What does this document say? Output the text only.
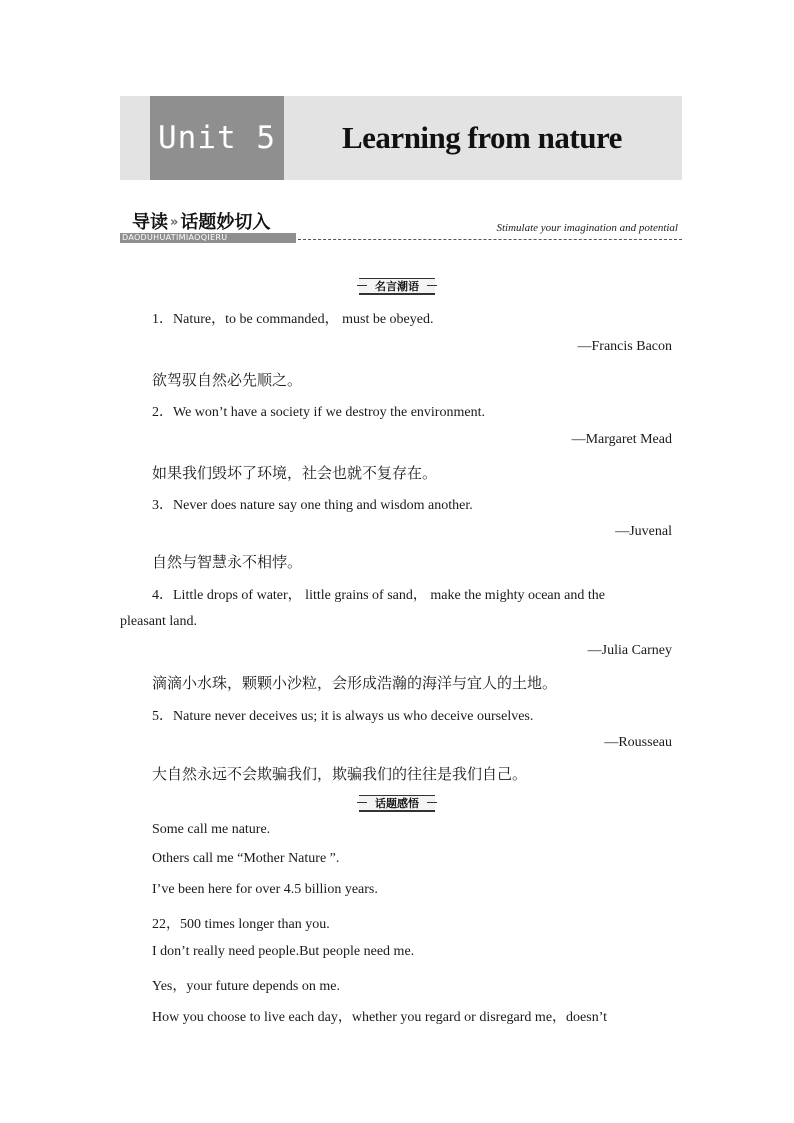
Unit 5 Learning from nature
导读 » 话题妙切入
DAODUHUATIMIAOQIERU
Stimulate your imagination and potential
名言潮语
1．Nature，to be commanded， must be obeyed.
—Francis Bacon
欲驾驭自然必先顺之。
2．We won’t have a society if we destroy the environment.
—Margaret Mead
如果我们毁坏了环境，社会也就不复存在。
3．Never does nature say one thing and wisdom another.
—Juvenal
自然与智慧永不相悖。
4．Little drops of water， little grains of sand， make the mighty ocean and the
pleasant land.
—Julia Carney
滴滴小水珠，颗颗小沙粒，会形成浩瀚的海洋与宜人的土地。
5．Nature never deceives us; it is always us who deceive ourselves.
—Rousseau
大自然永远不会欺骗我们，欺骗我们的往往是我们自己。
话题感悟
Some call me nature.
Others call me “Mother Nature ”.
I’ve been here for over 4.5 billion years.
22，500 times longer than you.
I don’t really need people.But people need me.
Yes，your future depends on me.
How you choose to live each day，whether you regard or disregard me，doesn’t
